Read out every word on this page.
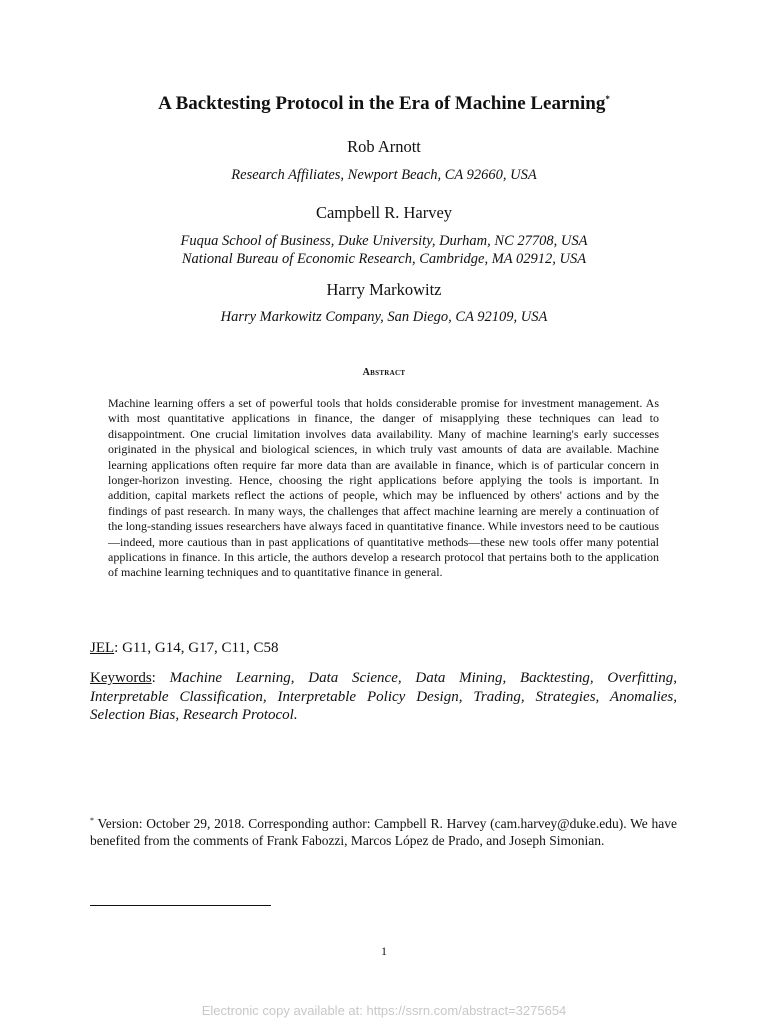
A Backtesting Protocol in the Era of Machine Learning*
Rob Arnott
Research Affiliates, Newport Beach, CA 92660, USA
Campbell R. Harvey
Fuqua School of Business, Duke University, Durham, NC 27708, USA
National Bureau of Economic Research, Cambridge, MA 02912, USA
Harry Markowitz
Harry Markowitz Company, San Diego, CA 92109, USA
Abstract
Machine learning offers a set of powerful tools that holds considerable promise for investment management. As with most quantitative applications in finance, the danger of misapplying these techniques can lead to disappointment. One crucial limitation involves data availability. Many of machine learning's early successes originated in the physical and biological sciences, in which truly vast amounts of data are available. Machine learning applications often require far more data than are available in finance, which is of particular concern in longer-horizon investing. Hence, choosing the right applications before applying the tools is important. In addition, capital markets reflect the actions of people, which may be influenced by others' actions and by the findings of past research. In many ways, the challenges that affect machine learning are merely a continuation of the long-standing issues researchers have always faced in quantitative finance. While investors need to be cautious—indeed, more cautious than in past applications of quantitative methods—these new tools offer many potential applications in finance. In this article, the authors develop a research protocol that pertains both to the application of machine learning techniques and to quantitative finance in general.
JEL: G11, G14, G17, C11, C58
Keywords: Machine Learning, Data Science, Data Mining, Backtesting, Overfitting, Interpretable Classification, Interpretable Policy Design, Trading, Strategies, Anomalies, Selection Bias, Research Protocol.
* Version: October 29, 2018. Corresponding author: Campbell R. Harvey (cam.harvey@duke.edu). We have benefited from the comments of Frank Fabozzi, Marcos López de Prado, and Joseph Simonian.
1
Electronic copy available at: https://ssrn.com/abstract=3275654
